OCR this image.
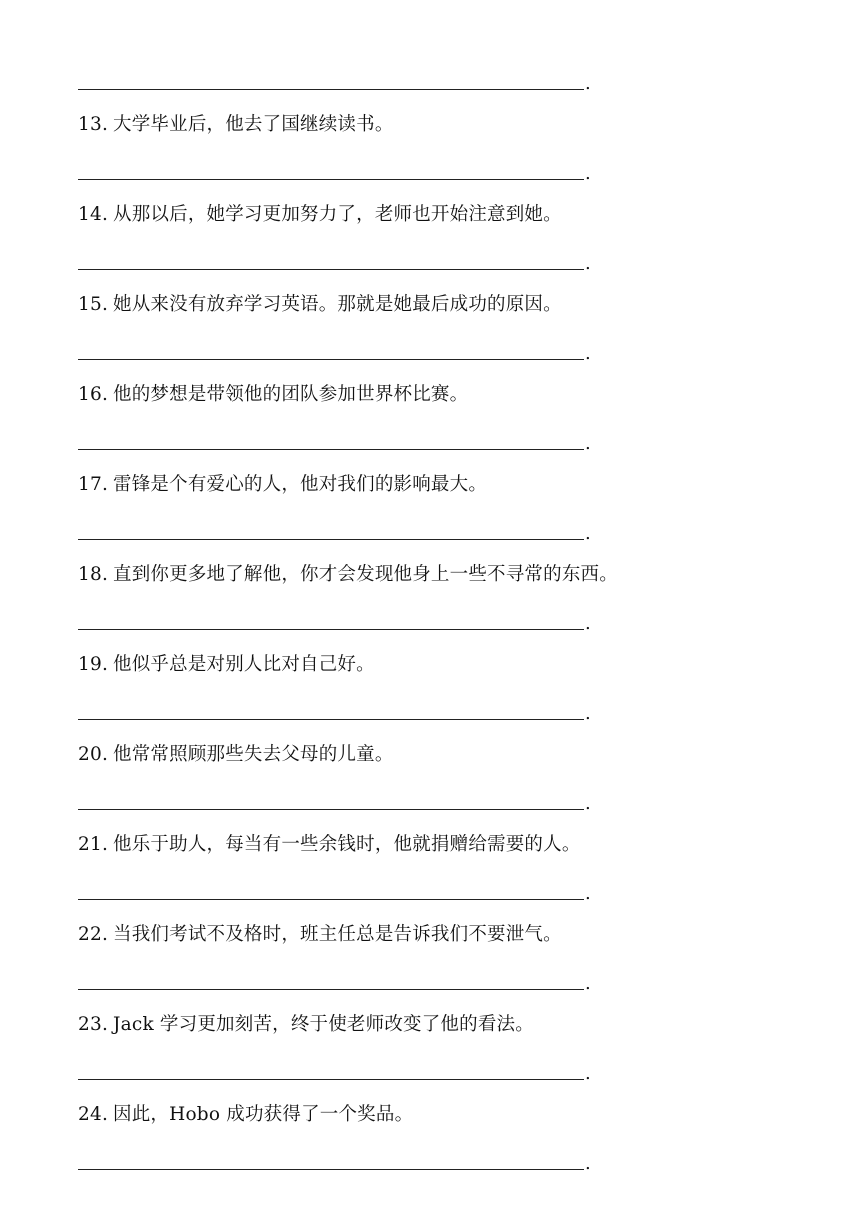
.
13. 大学毕业后，他去了国继续读书。
.
14. 从那以后，她学习更加努力了，老师也开始注意到她。
.
15. 她从来没有放弃学习英语。那就是她最后成功的原因。
.
16. 他的梦想是带领他的团队参加世界杯比赛。
.
17. 雷锋是个有爱心的人，他对我们的影响最大。
.
18. 直到你更多地了解他，你才会发现他身上一些不寻常的东西。
.
19. 他似乎总是对别人比对自己好。
.
20. 他常常照顾那些失去父母的儿童。
.
21. 他乐于助人，每当有一些余钱时，他就捐赠给需要的人。
.
22. 当我们考试不及格时，班主任总是告诉我们不要泄气。
.
23. Jack 学习更加刻苦，终于使老师改变了他的看法。
.
24. 因此，Hobo 成功获得了一个奖品。
.
